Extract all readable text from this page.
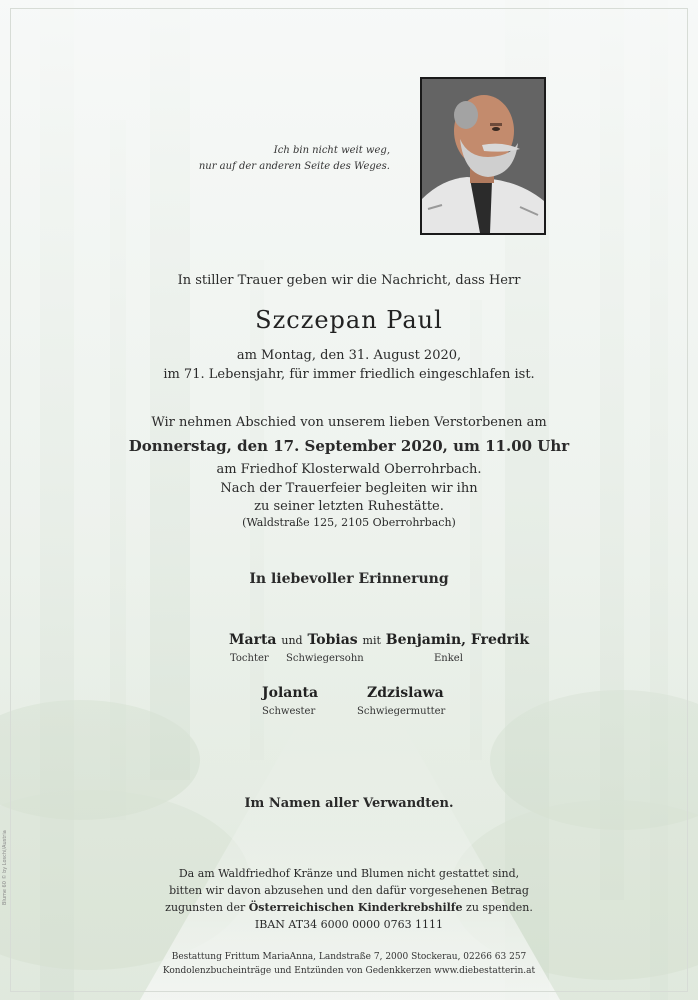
Ich bin nicht weit weg,
nur auf der anderen Seite des Weges.
In stiller Trauer geben wir die Nachricht, dass Herr
Szczepan Paul
am Montag, den 31. August 2020,
im 71. Lebensjahr, für immer friedlich eingeschlafen ist.
Wir nehmen Abschied von unserem lieben Verstorbenen am
Donnerstag, den 17. September 2020, um 11.00 Uhr
am Friedhof Klosterwald Oberrohrbach.
Nach der Trauerfeier begleiten wir ihn
zu seiner letzten Ruhestätte.
(Waldstraße 125, 2105 Oberrohrbach)
In liebevoller Erinnerung
Marta und Tobias mit Benjamin, Fredrik
Tochter Schwiegersohn	Enkel
Jolanta	Zdzislawa
Schwester	Schwiegermutter
Im Namen aller Verwandten.
Da am Waldfriedhof Kränze und Blumen nicht gestattet sind,
bitten wir davon abzusehen und den dafür vorgesehenen Betrag
zugunsten der Österreichischen Kinderkrebshilfe zu spenden.
IBAN AT34 6000 0000 0763 1111
Bestattung Frittum MariaAnna, Landstraße 7, 2000 Stockerau, 02266 63 257
Kondolenzbucheinträge und Entzünden von Gedenkkerzen www.diebestatterin.at
Blume 60 © by Loschi/Austria
